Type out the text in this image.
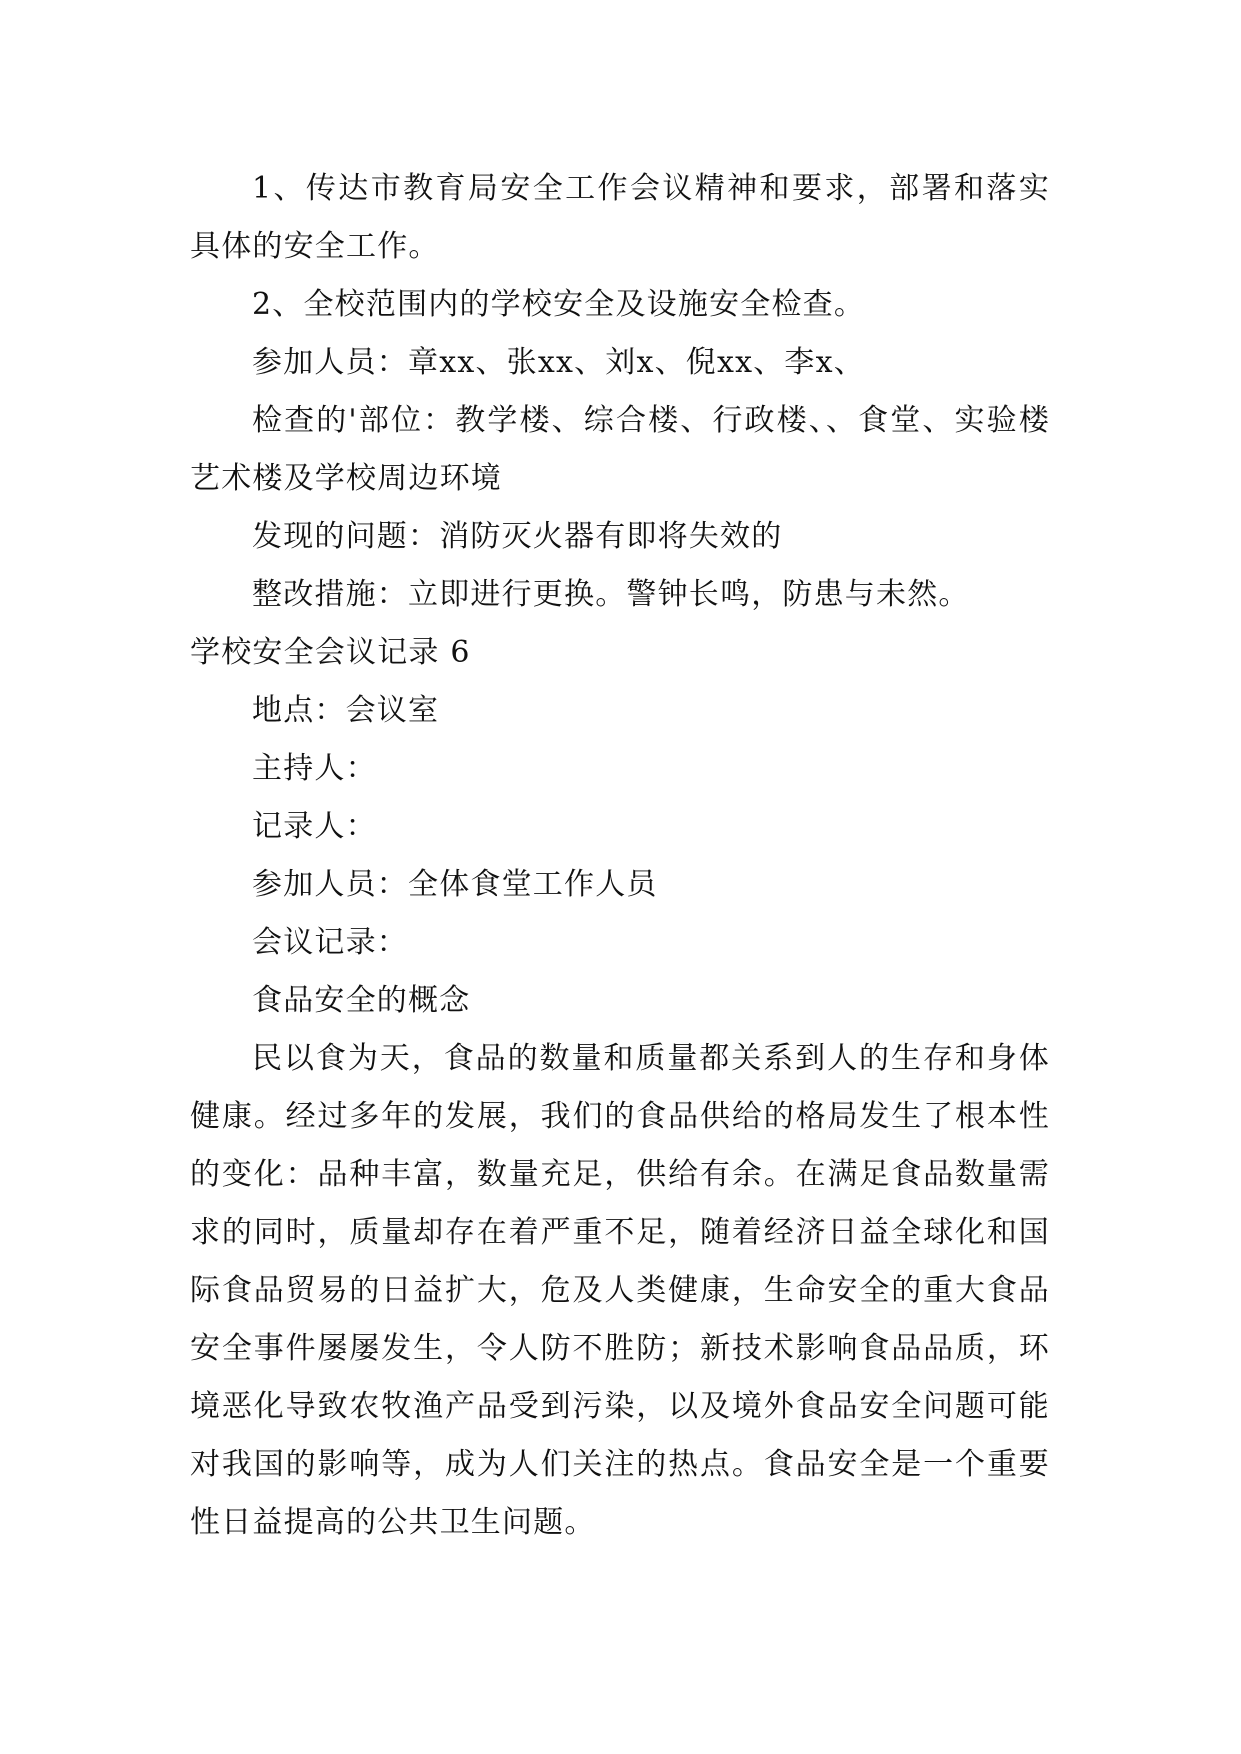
1、传达市教育局安全工作会议精神和要求，部署和落实具体的安全工作。

2、全校范围内的学校安全及设施安全检查。

参加人员：章xx、张xx、刘x、倪xx、李x、

检查的'部位：教学楼、综合楼、行政楼、、食堂、实验楼艺术楼及学校周边环境

发现的问题：消防灭火器有即将失效的

整改措施：立即进行更换。警钟长鸣，防患与未然。

学校安全会议记录 6

地点：会议室

主持人：

记录人：

参加人员：全体食堂工作人员

会议记录：

食品安全的概念

民以食为天，食品的数量和质量都关系到人的生存和身体健康。经过多年的发展，我们的食品供给的格局发生了根本性的变化：品种丰富，数量充足，供给有余。在满足食品数量需求的同时，质量却存在着严重不足，随着经济日益全球化和国际食品贸易的日益扩大，危及人类健康，生命安全的重大食品安全事件屡屡发生，令人防不胜防；新技术影响食品品质，环境恶化导致农牧渔产品受到污染，以及境外食品安全问题可能对我国的影响等，成为人们关注的热点。食品安全是一个重要性日益提高的公共卫生问题。
